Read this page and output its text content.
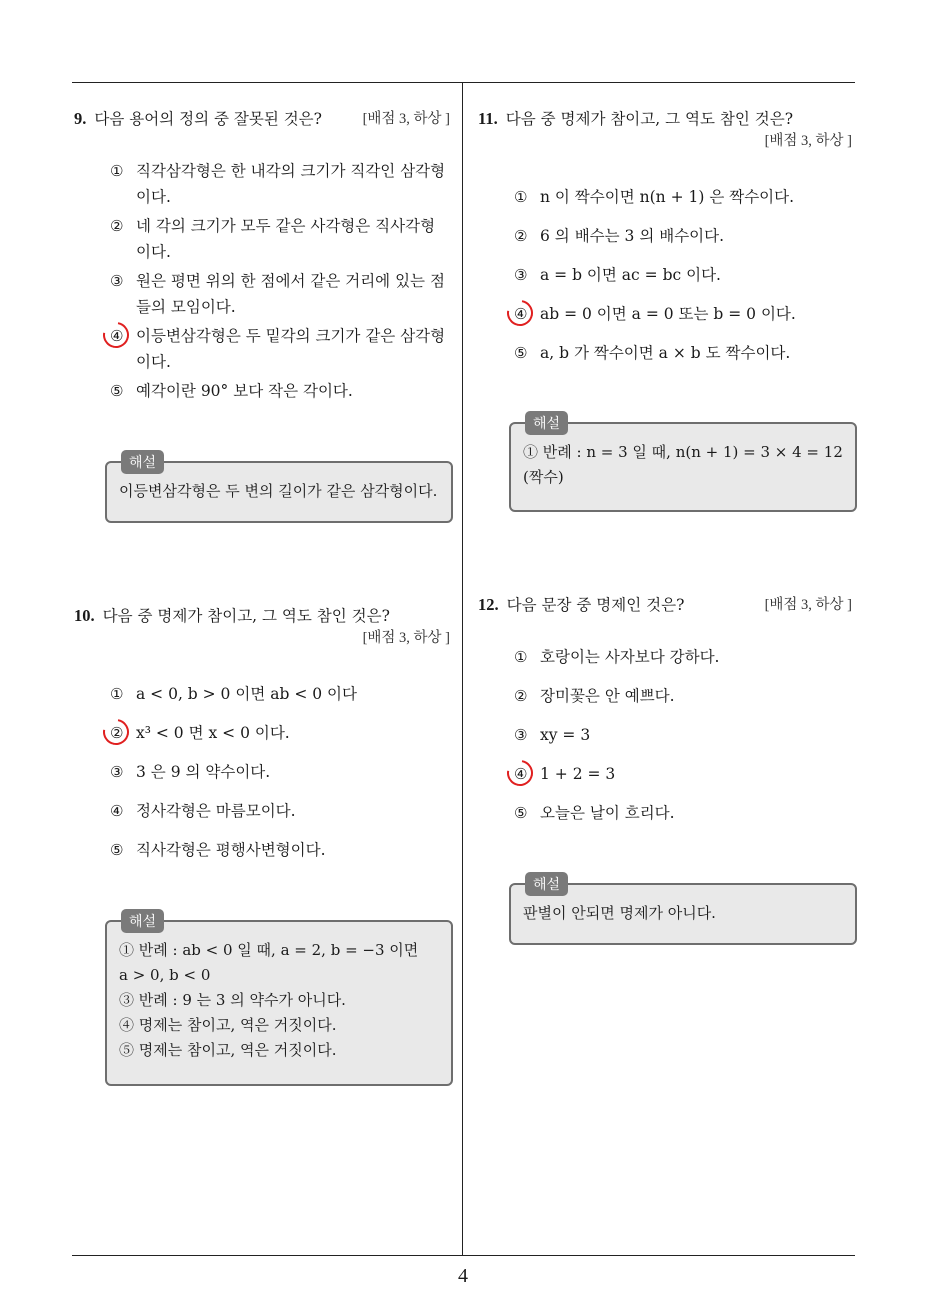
9. 다음 용어의 정의 중 잘못된 것은?	[배점 3, 하상 ]
① 직각삼각형은 한 내각의 크기가 직각인 삼각형이다.
② 네 각의 크기가 모두 같은 사각형은 직사각형이다.
③ 원은 평면 위의 한 점에서 같은 거리에 있는 점들의 모임이다.
④ 이등변삼각형은 두 밑각의 크기가 같은 삼각형이다.
⑤ 예각이란 90° 보다 작은 각이다.
해설
이등변삼각형은 두 변의 길이가 같은 삼각형이다.
10. 다음 중 명제가 참이고, 그 역도 참인 것은?
[배점 3, 하상 ]
① a < 0, b > 0 이면 ab < 0 이다
② x³ < 0 면 x < 0 이다.
③ 3 은 9 의 약수이다.
④ 정사각형은 마름모이다.
⑤ 직사각형은 평행사변형이다.
해설
① 반례 : ab < 0 일 때, a = 2, b = −3 이면
a > 0, b < 0
③ 반례 : 9 는 3 의 약수가 아니다.
④ 명제는 참이고, 역은 거짓이다.
⑤ 명제는 참이고, 역은 거짓이다.
11. 다음 중 명제가 참이고, 그 역도 참인 것은?
[배점 3, 하상 ]
① n 이 짝수이면 n(n + 1) 은 짝수이다.
② 6 의 배수는 3 의 배수이다.
③ a = b 이면 ac = bc 이다.
④ ab = 0 이면 a = 0 또는 b = 0 이다.
⑤ a, b 가 짝수이면 a × b 도 짝수이다.
해설
① 반례 : n = 3 일 때, n(n + 1) = 3 × 4 = 12
(짝수)
12. 다음 문장 중 명제인 것은?	[배점 3, 하상 ]
① 호랑이는 사자보다 강하다.
② 장미꽃은 안 예쁘다.
③ xy = 3
④ 1 + 2 = 3
⑤ 오늘은 날이 흐리다.
해설
판별이 안되면 명제가 아니다.
4
